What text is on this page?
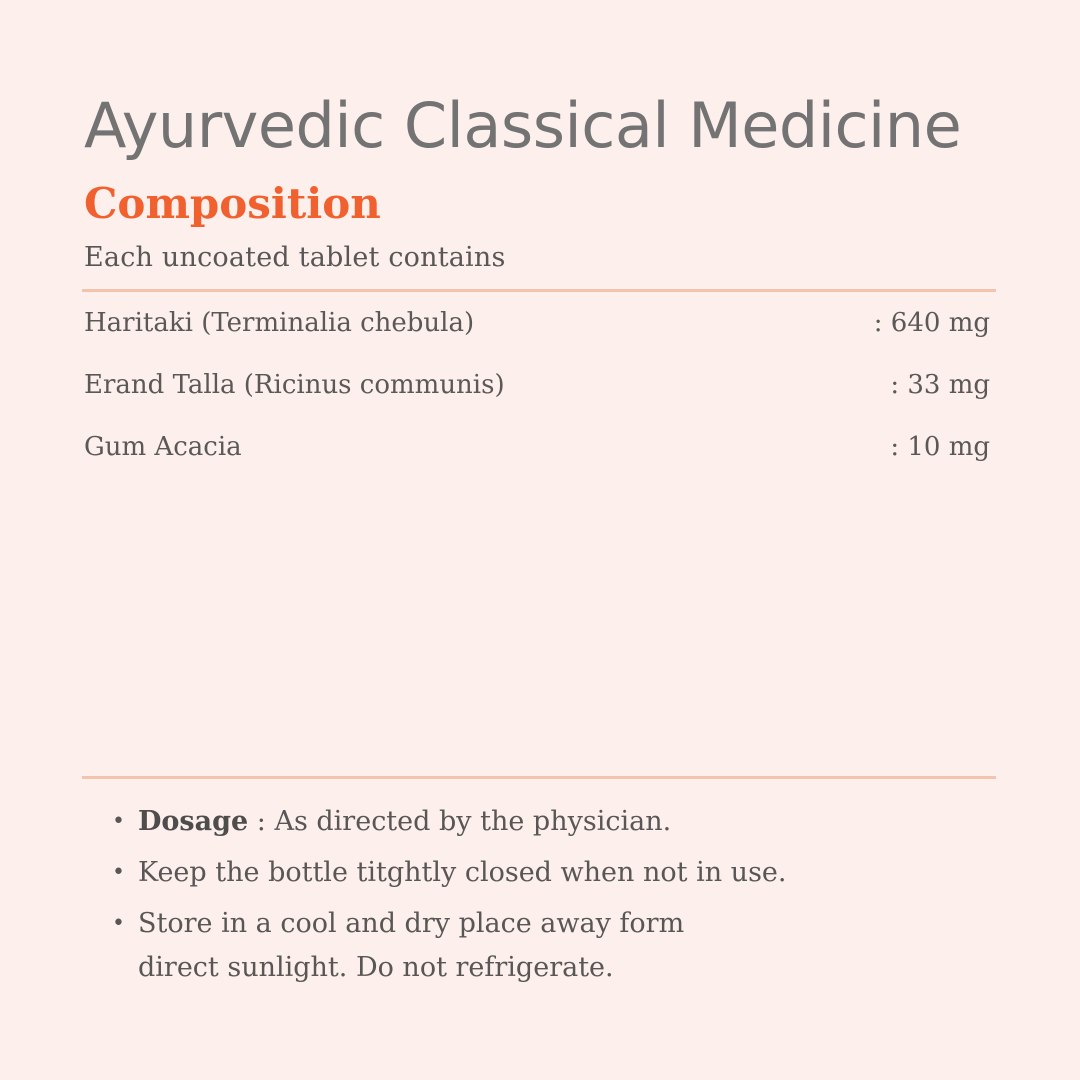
Ayurvedic Classical Medicine
Composition
Each uncoated tablet contains
Haritaki (Terminalia chebula)	: 640 mg
Erand Talla (Ricinus communis)	: 33 mg
Gum Acacia	: 10 mg
• Dosage : As directed by the physician.
• Keep the bottle titghtly closed when not in use.
• Store in a cool and dry place away form
direct sunlight. Do not refrigerate.
